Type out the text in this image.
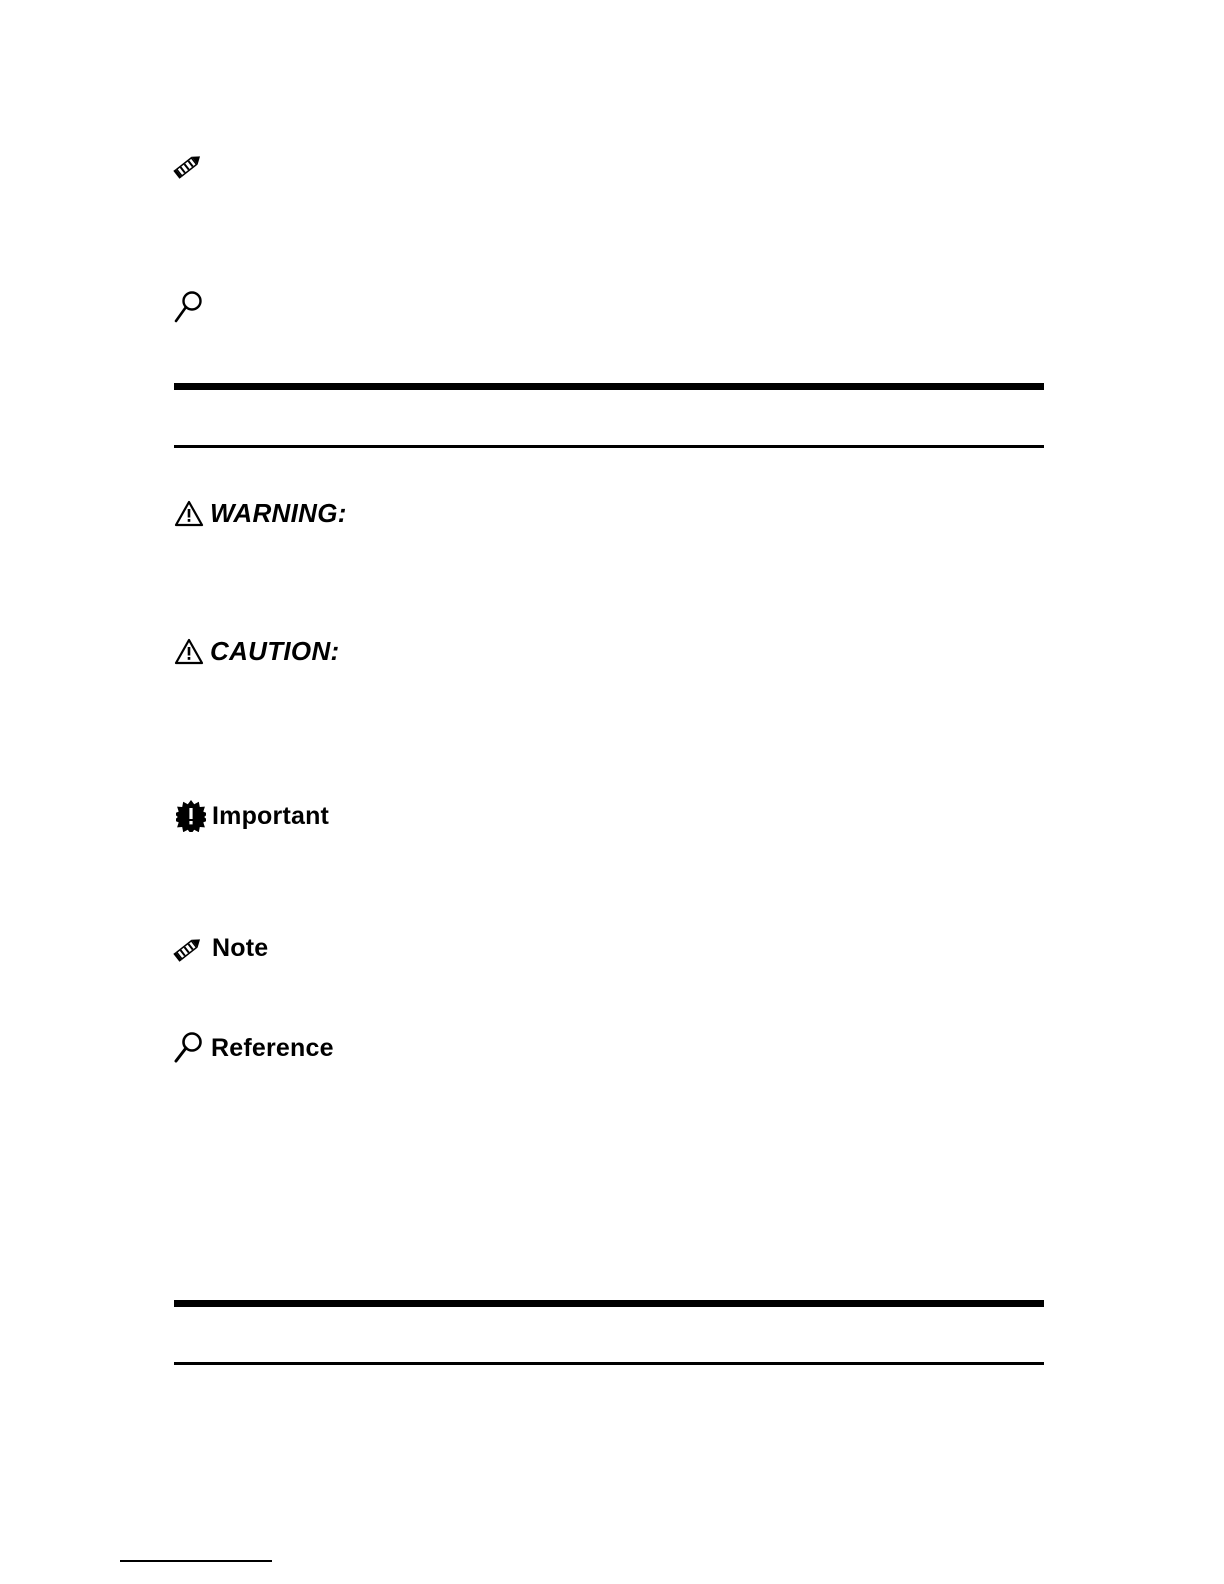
WARNING:
CAUTION:
Important
Note
Reference
